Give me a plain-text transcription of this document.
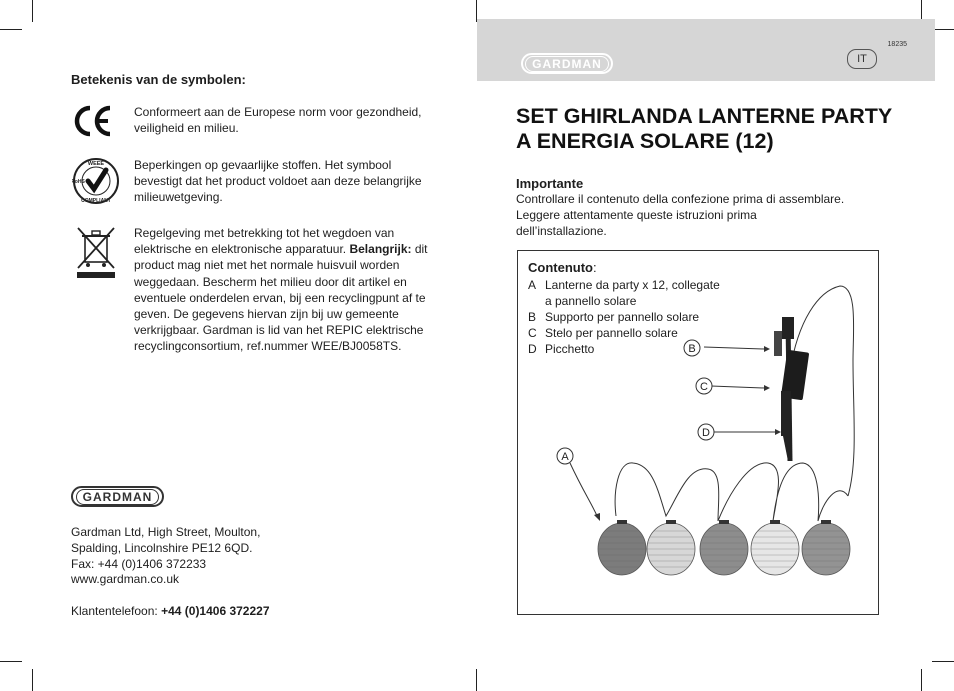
Betekenis van de symbolen:
Conformeert aan de Europese norm voor gezondheid, veiligheid en milieu.
WEEE
COMPLIANT
RoHS
Beperkingen op gevaarlijke stoffen. Het symbool bevestigt dat het product voldoet aan deze belangrijke milieuwetgeving.
Regelgeving met betrekking tot het wegdoen van elektrische en elektronische apparatuur. Belangrijk: dit product mag niet met het normale huisvuil worden weggedaan. Bescherm het milieu door dit artikel en eventuele onderdelen ervan, bij een recyclingpunt af te geven. De gegevens hiervan zijn bij uw gemeente verkrijgbaar. Gardman is lid van het REPIC elektrische recyclingconsortium, ref.nummer WEE/BJ0058TS.
GARDMAN
Gardman Ltd, High Street, Moulton,
Spalding, Lincolnshire PE12 6QD.
Fax: +44 (0)1406 372233
www.gardman.co.uk
Klantentelefoon: +44 (0)1406 372227
GARDMAN
18235
IT
SET GHIRLANDA LANTERNE PARTY
A ENERGIA SOLARE (12)
Importante
Controllare il contenuto della confezione prima di assemblare.
Leggere attentamente queste istruzioni prima
dell’installazione.
B
C
D
A
Contenuto:
A Lanterne da party x 12, collegate
a pannello solare
B Supporto per pannello solare
C Stelo per pannello solare
D Picchetto
